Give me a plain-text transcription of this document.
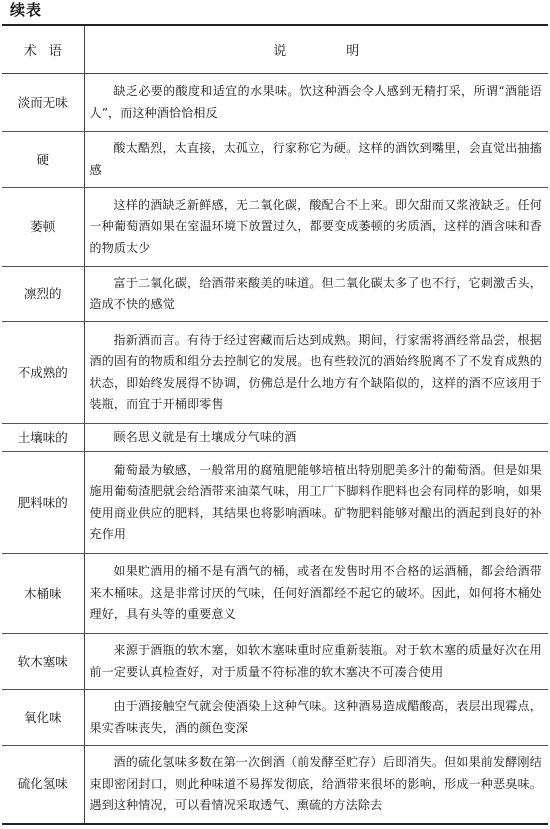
续表
术语	说明
淡而无味	缺乏必要的酸度和适宜的水果味。饮这种酒会令人感到无精打采，所谓“酒能语人”，而这种酒恰恰相反
硬	酸太酷烈，太直接，太孤立，行家称它为硬。这样的酒饮到嘴里，会直觉出抽搐感
萎顿	这样的酒缺乏新鲜感，无二氧化碳，酸配合不上来。即欠甜而又浆液缺乏。任何一种葡萄酒如果在室温环境下放置过久，都要变成萎顿的劣质酒，这样的酒含味和香的物质太少
凛烈的	富于二氧化碳，给酒带来酸美的味道。但二氧化碳太多了也不行，它刺激舌头，造成不快的感觉
不成熟的	指新酒而言。有待于经过窖藏而后达到成熟。期间，行家需将酒经常品尝，根据酒的固有的物质和组分去控制它的发展。也有些较沉的酒始终脱离不了不发育成熟的状态，即始终发展得不协调，仿佛总是什么地方有个缺陷似的，这样的酒不应该用于装瓶，而宜于开桶即零售
土壤味的	顾名思义就是有土壤成分气味的酒
肥料味的	葡萄最为敏感，一般常用的腐殖肥能够培植出特别肥美多汁的葡萄酒。但是如果施用葡萄渣肥就会给酒带来油菜气味，用工厂下脚料作肥料也会有同样的影响，如果使用商业供应的肥料，其结果也将影响酒味。矿物肥料能够对酿出的酒起到良好的补充作用
木桶味	如果贮酒用的桶不是有酒气的桶，或者在发售时用不合格的运酒桶，都会给酒带来木桶味。这是非常讨厌的气味，任何好酒都经不起它的破坏。因此，如何将木桶处理好，具有头等的重要意义
软木塞味	来源于酒瓶的软木塞，如软木塞味重时应重新装瓶。对于软木塞的质量好次在用前一定要认真检查好，对于质量不符标准的软木塞决不可凑合使用
氧化味	由于酒接触空气就会使酒染上这种气味。这种酒易造成醋酸高，表层出现霉点，果实香味丧失，酒的颜色变深
硫化氢味	酒的硫化氢味多数在第一次倒酒（前发酵至贮存）后即消失。但如果前发酵刚结束即密闭封口，则此种味道不易挥发彻底，给酒带来很坏的影响，形成一种恶臭味。遇到这种情况，可以看情况采取透气、熏硫的方法除去
